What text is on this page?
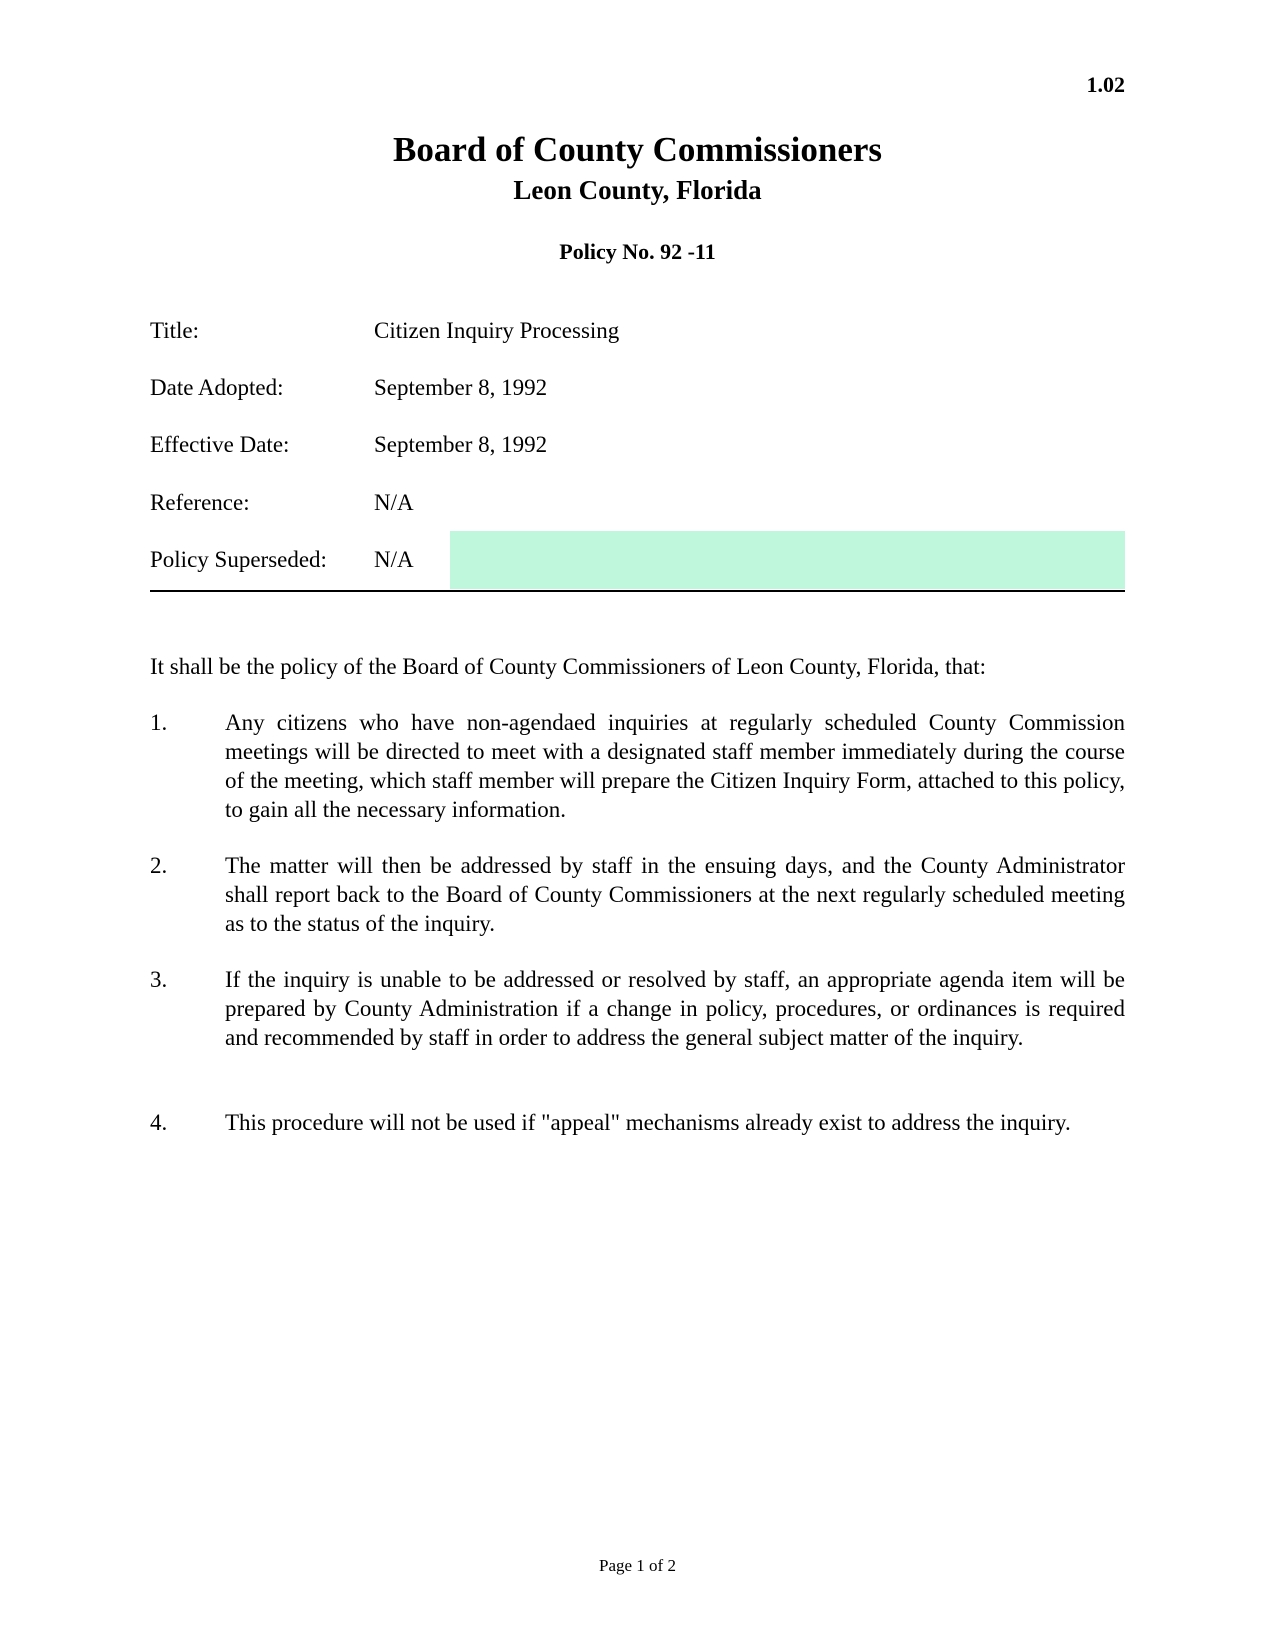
1.02
Board of County Commissioners
Leon County, Florida
Policy No. 92 -11
Title:	Citizen Inquiry Processing
Date Adopted:	September 8, 1992
Effective Date:	September 8, 1992
Reference:	N/A
Policy Superseded: N/A
It shall be the policy of the Board of County Commissioners of Leon County, Florida, that:
1.	Any citizens who have non-agendaed inquiries at regularly scheduled County Commission meetings will be directed to meet with a designated staff member immediately during the course of the meeting, which staff member will prepare the Citizen Inquiry Form, attached to this policy, to gain all the necessary information.
2.	The matter will then be addressed by staff in the ensuing days, and the County Administrator shall report back to the Board of County Commissioners at the next regularly scheduled meeting as to the status of the inquiry.
3.	If the inquiry is unable to be addressed or resolved by staff, an appropriate agenda item will be prepared by County Administration if a change in policy, procedures, or ordinances is required and recommended by staff in order to address the general subject matter of the inquiry.
4.	This procedure will not be used if "appeal" mechanisms already exist to address the inquiry.
Page 1 of 2
